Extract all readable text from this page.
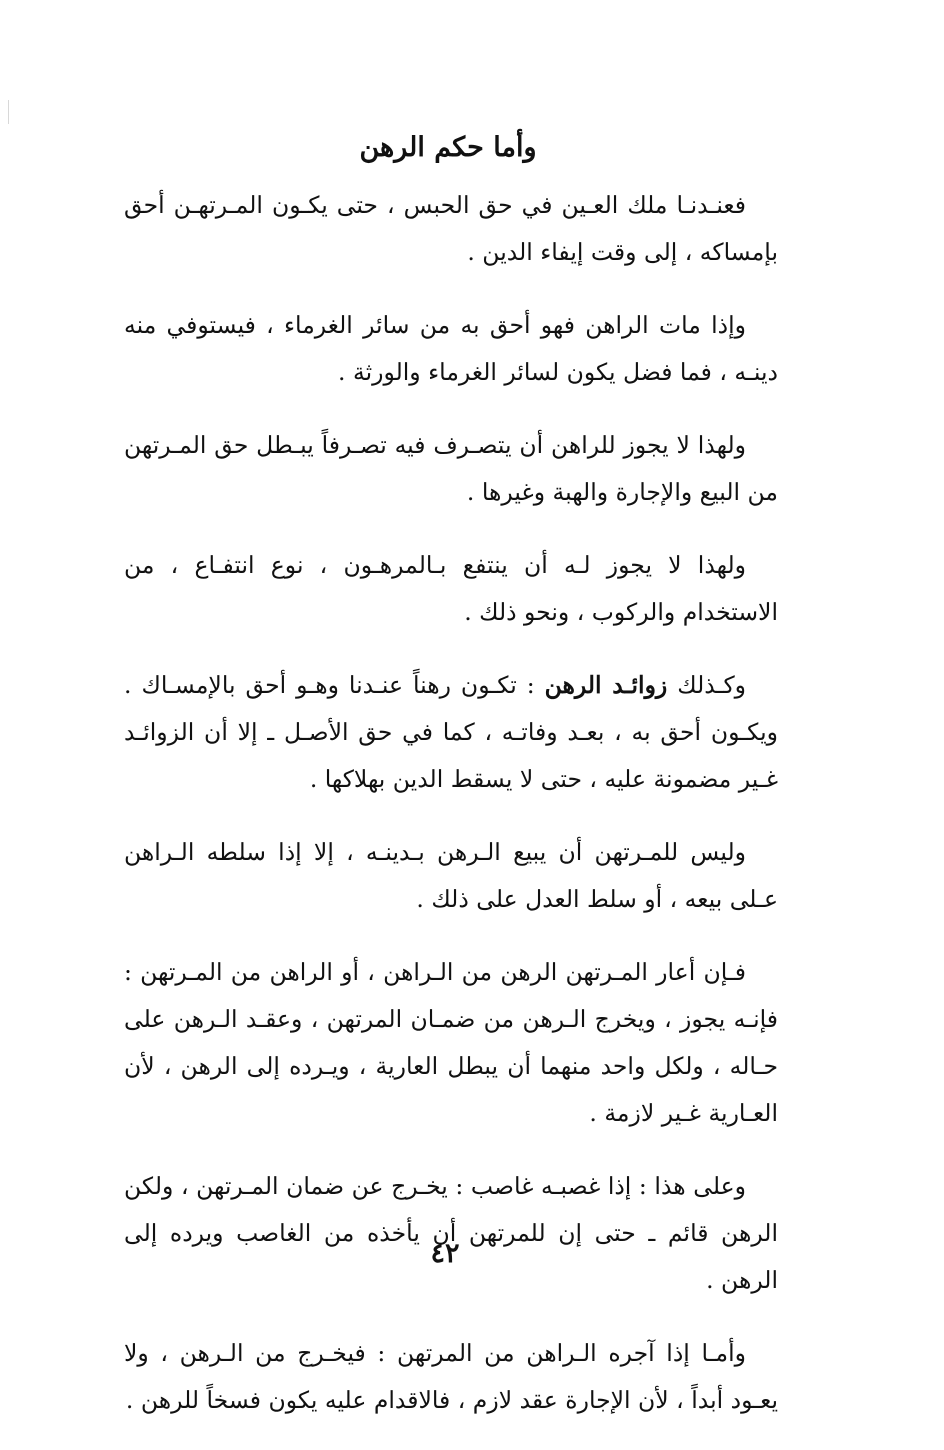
وأما حكم الرهن

فعنـدنـا ملك العـين في حق الحبس ، حتى يكـون المـرتهـن أحق بإمساكه ، إلى وقت إيفاء الدين .

وإذا مات الراهن فهو أحق به من سائر الغرماء ، فيستوفي منه دينـه ، فما فضل يكون لسائر الغرماء والورثة .

ولهذا لا يجوز للراهن أن يتصـرف فيه تصـرفاً يبـطل حق المـرتهن من البيع والإجارة والهبة وغيرها .

ولهذا لا يجوز لـه أن ينتفع بـالمرهـون ، نوع انتفـاع ، من الاستخدام والركوب ، ونحو ذلك .

وكـذلك زوائـد الرهن : تكـون رهناً عنـدنا وهـو أحق بالإمسـاك . ويكـون أحق به ، بعـد وفاتـه ، كما في حق الأصـل ـ إلا أن الزوائـد غـير مضمونة عليه ، حتى لا يسقط الدين بهلاكها .

وليس للمـرتهن أن يبيع الـرهن بـدينـه ، إلا إذا سلطه الـراهن عـلى بيعه ، أو سلط العدل على ذلك .

فـإن أعار المـرتهن الرهن من الـراهن ، أو الراهن من المـرتهن : فإنـه يجوز ، ويخرج الـرهن من ضمـان المرتهن ، وعقـد الـرهن على حـاله ، ولكل واحد منهما أن يبطل العارية ، ويـرده إلى الرهن ، لأن العـارية غـير لازمة .

وعلى هذا : إذا غصبـه غاصب : يخـرج عن ضمان المـرتهن ، ولكن الرهن قائم ـ حتى إن للمرتهن أن يأخذه من الغاصب ويرده إلى الرهن .

وأمـا إذا آجره الـراهن من المرتهن : فيخـرج من الـرهن ، ولا يعـود أبداً ، لأن الإجارة عقد لازم ، فالاقدام عليه يكون فسخاً للرهن .

٤٢
